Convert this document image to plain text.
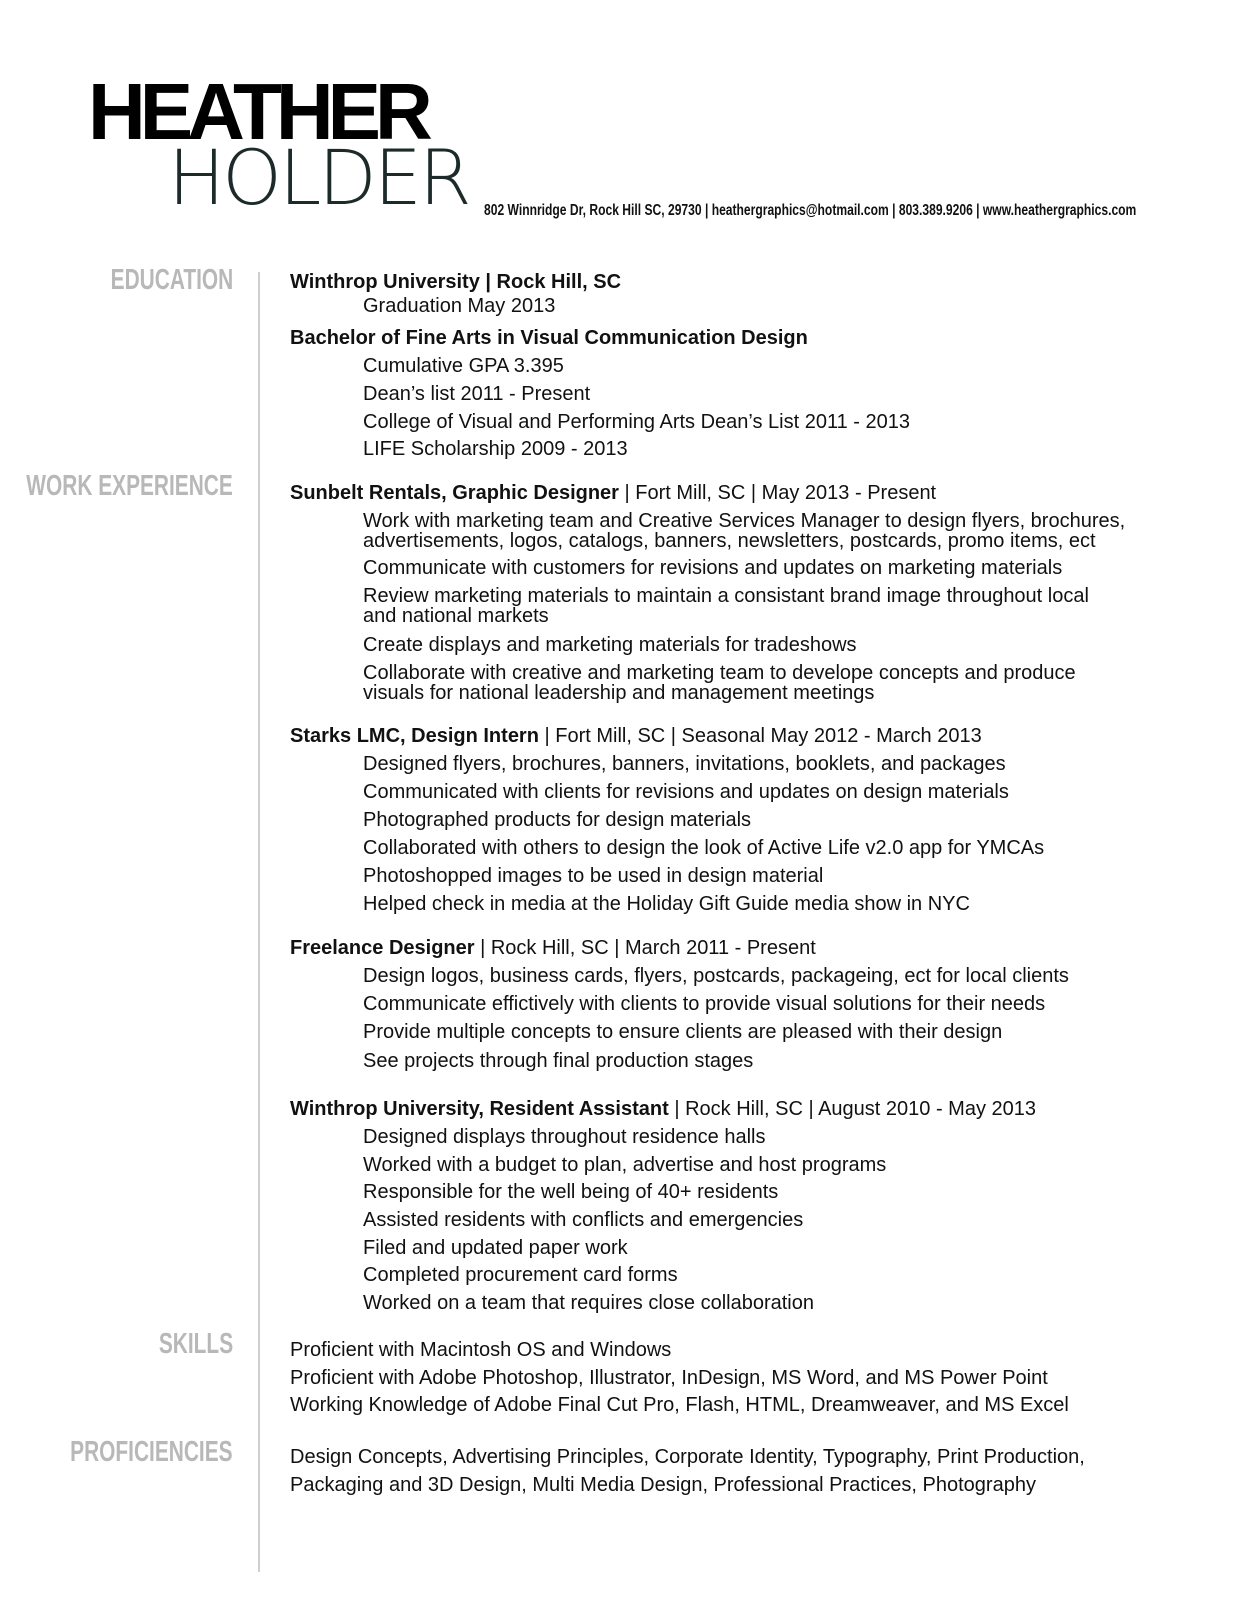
HEATHER
HOLDER 802 Winnridge Dr, Rock Hill SC, 29730 | heathergraphics@hotmail.com | 803.389.9206 | www.heathergraphics.com
EDUCATION
WORK EXPERIENCE
SKILLS
PROFICIENCIES
Winthrop University | Rock Hill, SC
Graduation May 2013
Bachelor of Fine Arts in Visual Communication Design
Cumulative GPA 3.395
Dean’s list 2011 - Present
College of Visual and Performing Arts Dean’s List 2011 - 2013
LIFE Scholarship 2009 - 2013
Sunbelt Rentals, Graphic Designer | Fort Mill, SC | May 2013 - Present
Work with marketing team and Creative Services Manager to design flyers, brochures,
advertisements, logos, catalogs, banners, newsletters, postcards, promo items, ect
Communicate with customers for revisions and updates on marketing materials
Review marketing materials to maintain a consistant brand image throughout local
and national markets
Create displays and marketing materials for tradeshows
Collaborate with creative and marketing team to develope concepts and produce
visuals for national leadership and management meetings
Starks LMC, Design Intern | Fort Mill, SC | Seasonal May 2012 - March 2013
Designed flyers, brochures, banners, invitations, booklets, and packages
Communicated with clients for revisions and updates on design materials
Photographed products for design materials
Collaborated with others to design the look of Active Life v2.0 app for YMCAs
Photoshopped images to be used in design material
Helped check in media at the Holiday Gift Guide media show in NYC
Freelance Designer | Rock Hill, SC | March 2011 - Present
Design logos, business cards, flyers, postcards, packageing, ect for local clients
Communicate effictively with clients to provide visual solutions for their needs
Provide multiple concepts to ensure clients are pleased with their design
See projects through final production stages
Winthrop University, Resident Assistant | Rock Hill, SC | August 2010 - May 2013
Designed displays throughout residence halls
Worked with a budget to plan, advertise and host programs
Responsible for the well being of 40+ residents
Assisted residents with conflicts and emergencies
Filed and updated paper work
Completed procurement card forms
Worked on a team that requires close collaboration
Proficient with Macintosh OS and Windows
Proficient with Adobe Photoshop, Illustrator, InDesign, MS Word, and MS Power Point
Working Knowledge of Adobe Final Cut Pro, Flash, HTML, Dreamweaver, and MS Excel
Design Concepts, Advertising Principles, Corporate Identity, Typography, Print Production,
Packaging and 3D Design, Multi Media Design, Professional Practices, Photography
